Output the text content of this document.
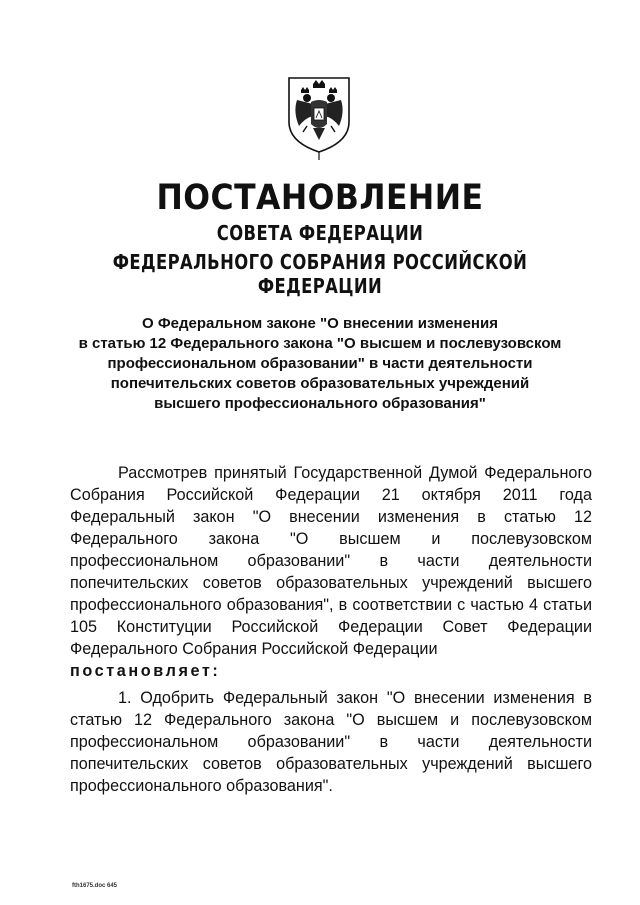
ПОСТАНОВЛЕНИЕ
СОВЕТА ФЕДЕРАЦИИ
ФЕДЕРАЛЬНОГО СОБРАНИЯ РОССИЙСКОЙ ФЕДЕРАЦИИ
О Федеральном законе "О внесении изменения
в статью 12 Федерального закона "О высшем и послевузовском
профессиональном образовании" в части деятельности
попечительских советов образовательных учреждений
высшего профессионального образования"
Рассмотрев принятый Государственной Думой Федерального Собрания Российской Федерации 21 октября 2011 года Федеральный закон "О внесении изменения в статью 12 Федерального закона "О высшем и послевузовском профессиональном образовании" в части деятельности попечительских советов образовательных учреждений высшего профессионального образования", в соответствии с частью 4 статьи 105 Конституции Российской Федерации Совет Федерации Федерального Собрания Российской Федерации
постановляет:
1. Одобрить Федеральный закон "О внесении изменения в статью 12 Федерального закона "О высшем и послевузовском профессиональном образовании" в части деятельности попечительских советов образовательных учреждений высшего профессионального образования".
fth1675.doc 645
